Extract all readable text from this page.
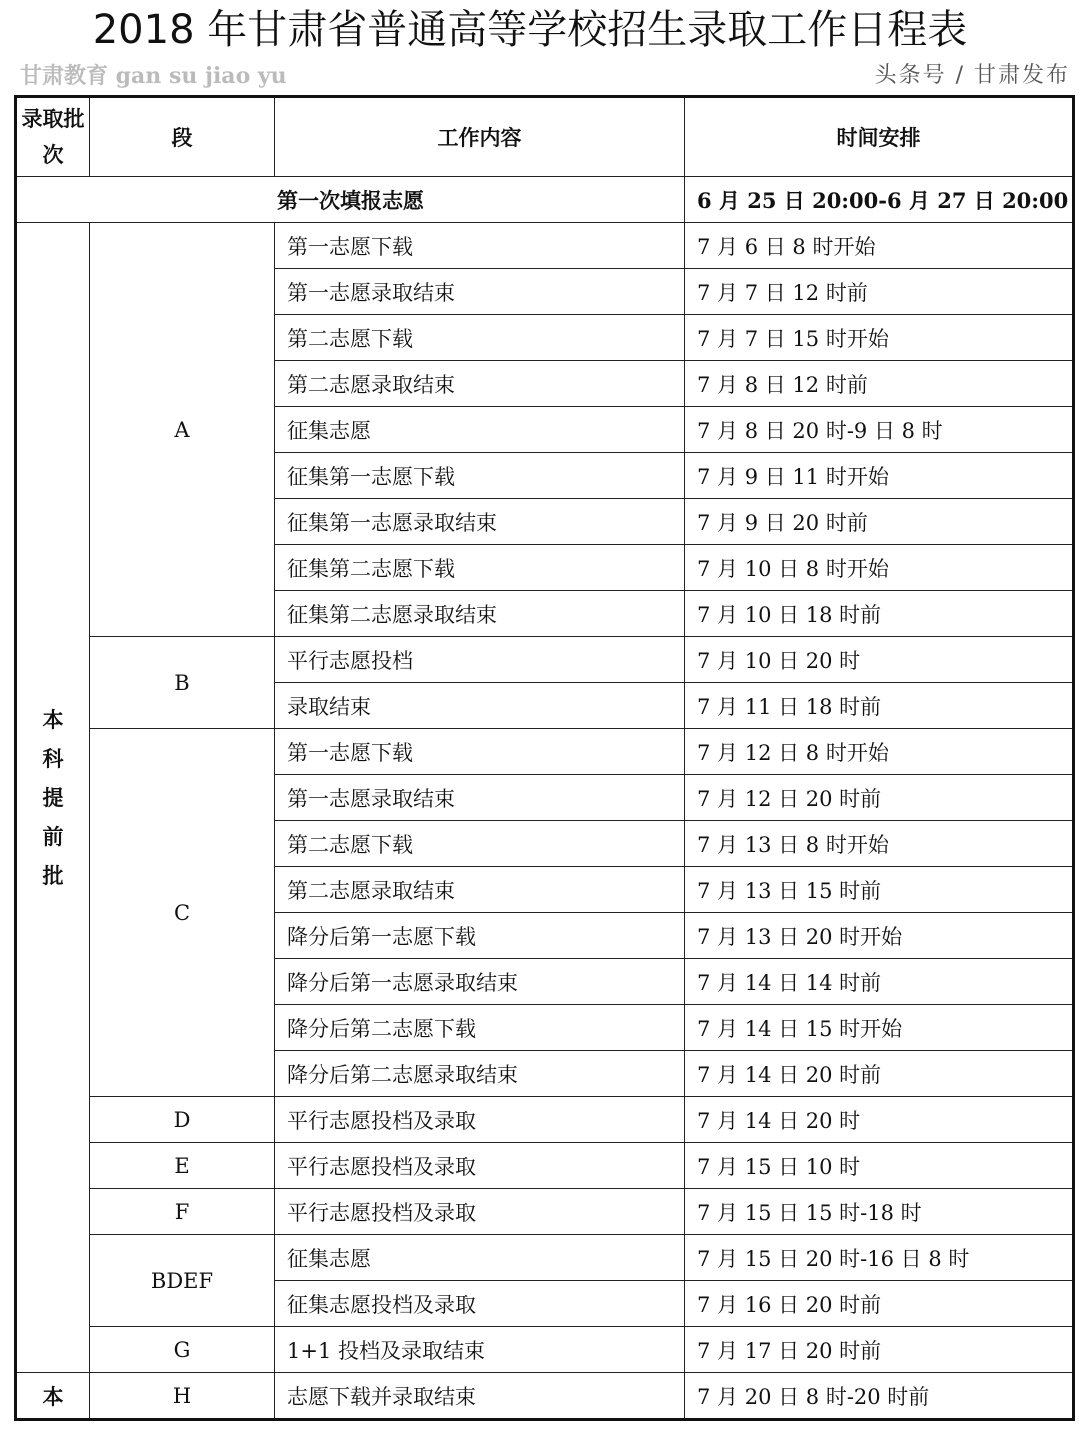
2018 年甘肃省普通高等学校招生录取工作日程表
甘肃教育 gan su jiao yu	头条号 / 甘肃发布
录取批次	段	工作内容	时间安排
第一次填报志愿			6 月 25 日 20:00-6 月 27 日 20:00

本科提前批	A	第一志愿下载	7 月 6 日 8 时开始
		第一志愿录取结束	7 月 7 日 12 时前
		第二志愿下载	7 月 7 日 15 时开始
		第二志愿录取结束	7 月 8 日 12 时前
		征集志愿	7 月 8 日 20 时-9 日 8 时
		征集第一志愿下载	7 月 9 日 11 时开始
		征集第一志愿录取结束	7 月 9 日 20 时前
		征集第二志愿下载	7 月 10 日 8 时开始
		征集第二志愿录取结束	7 月 10 日 18 时前
	B	平行志愿投档	7 月 10 日 20 时
		录取结束	7 月 11 日 18 时前
	C	第一志愿下载	7 月 12 日 8 时开始
		第一志愿录取结束	7 月 12 日 20 时前
		第二志愿下载	7 月 13 日 8 时开始
		第二志愿录取结束	7 月 13 日 15 时前
		降分后第一志愿下载	7 月 13 日 20 时开始
		降分后第一志愿录取结束	7 月 14 日 14 时前
		降分后第二志愿下载	7 月 14 日 15 时开始
		降分后第二志愿录取结束	7 月 14 日 20 时前
	D	平行志愿投档及录取	7 月 14 日 20 时
	E	平行志愿投档及录取	7 月 15 日 10 时
	F	平行志愿投档及录取	7 月 15 日 15 时-18 时
	BDEF	征集志愿	7 月 15 日 20 时-16 日 8 时
		征集志愿投档及录取	7 月 16 日 20 时前
	G	1+1 投档及录取结束	7 月 17 日 20 时前
本	H	志愿下载并录取结束	7 月 20 日 8 时-20 时前
